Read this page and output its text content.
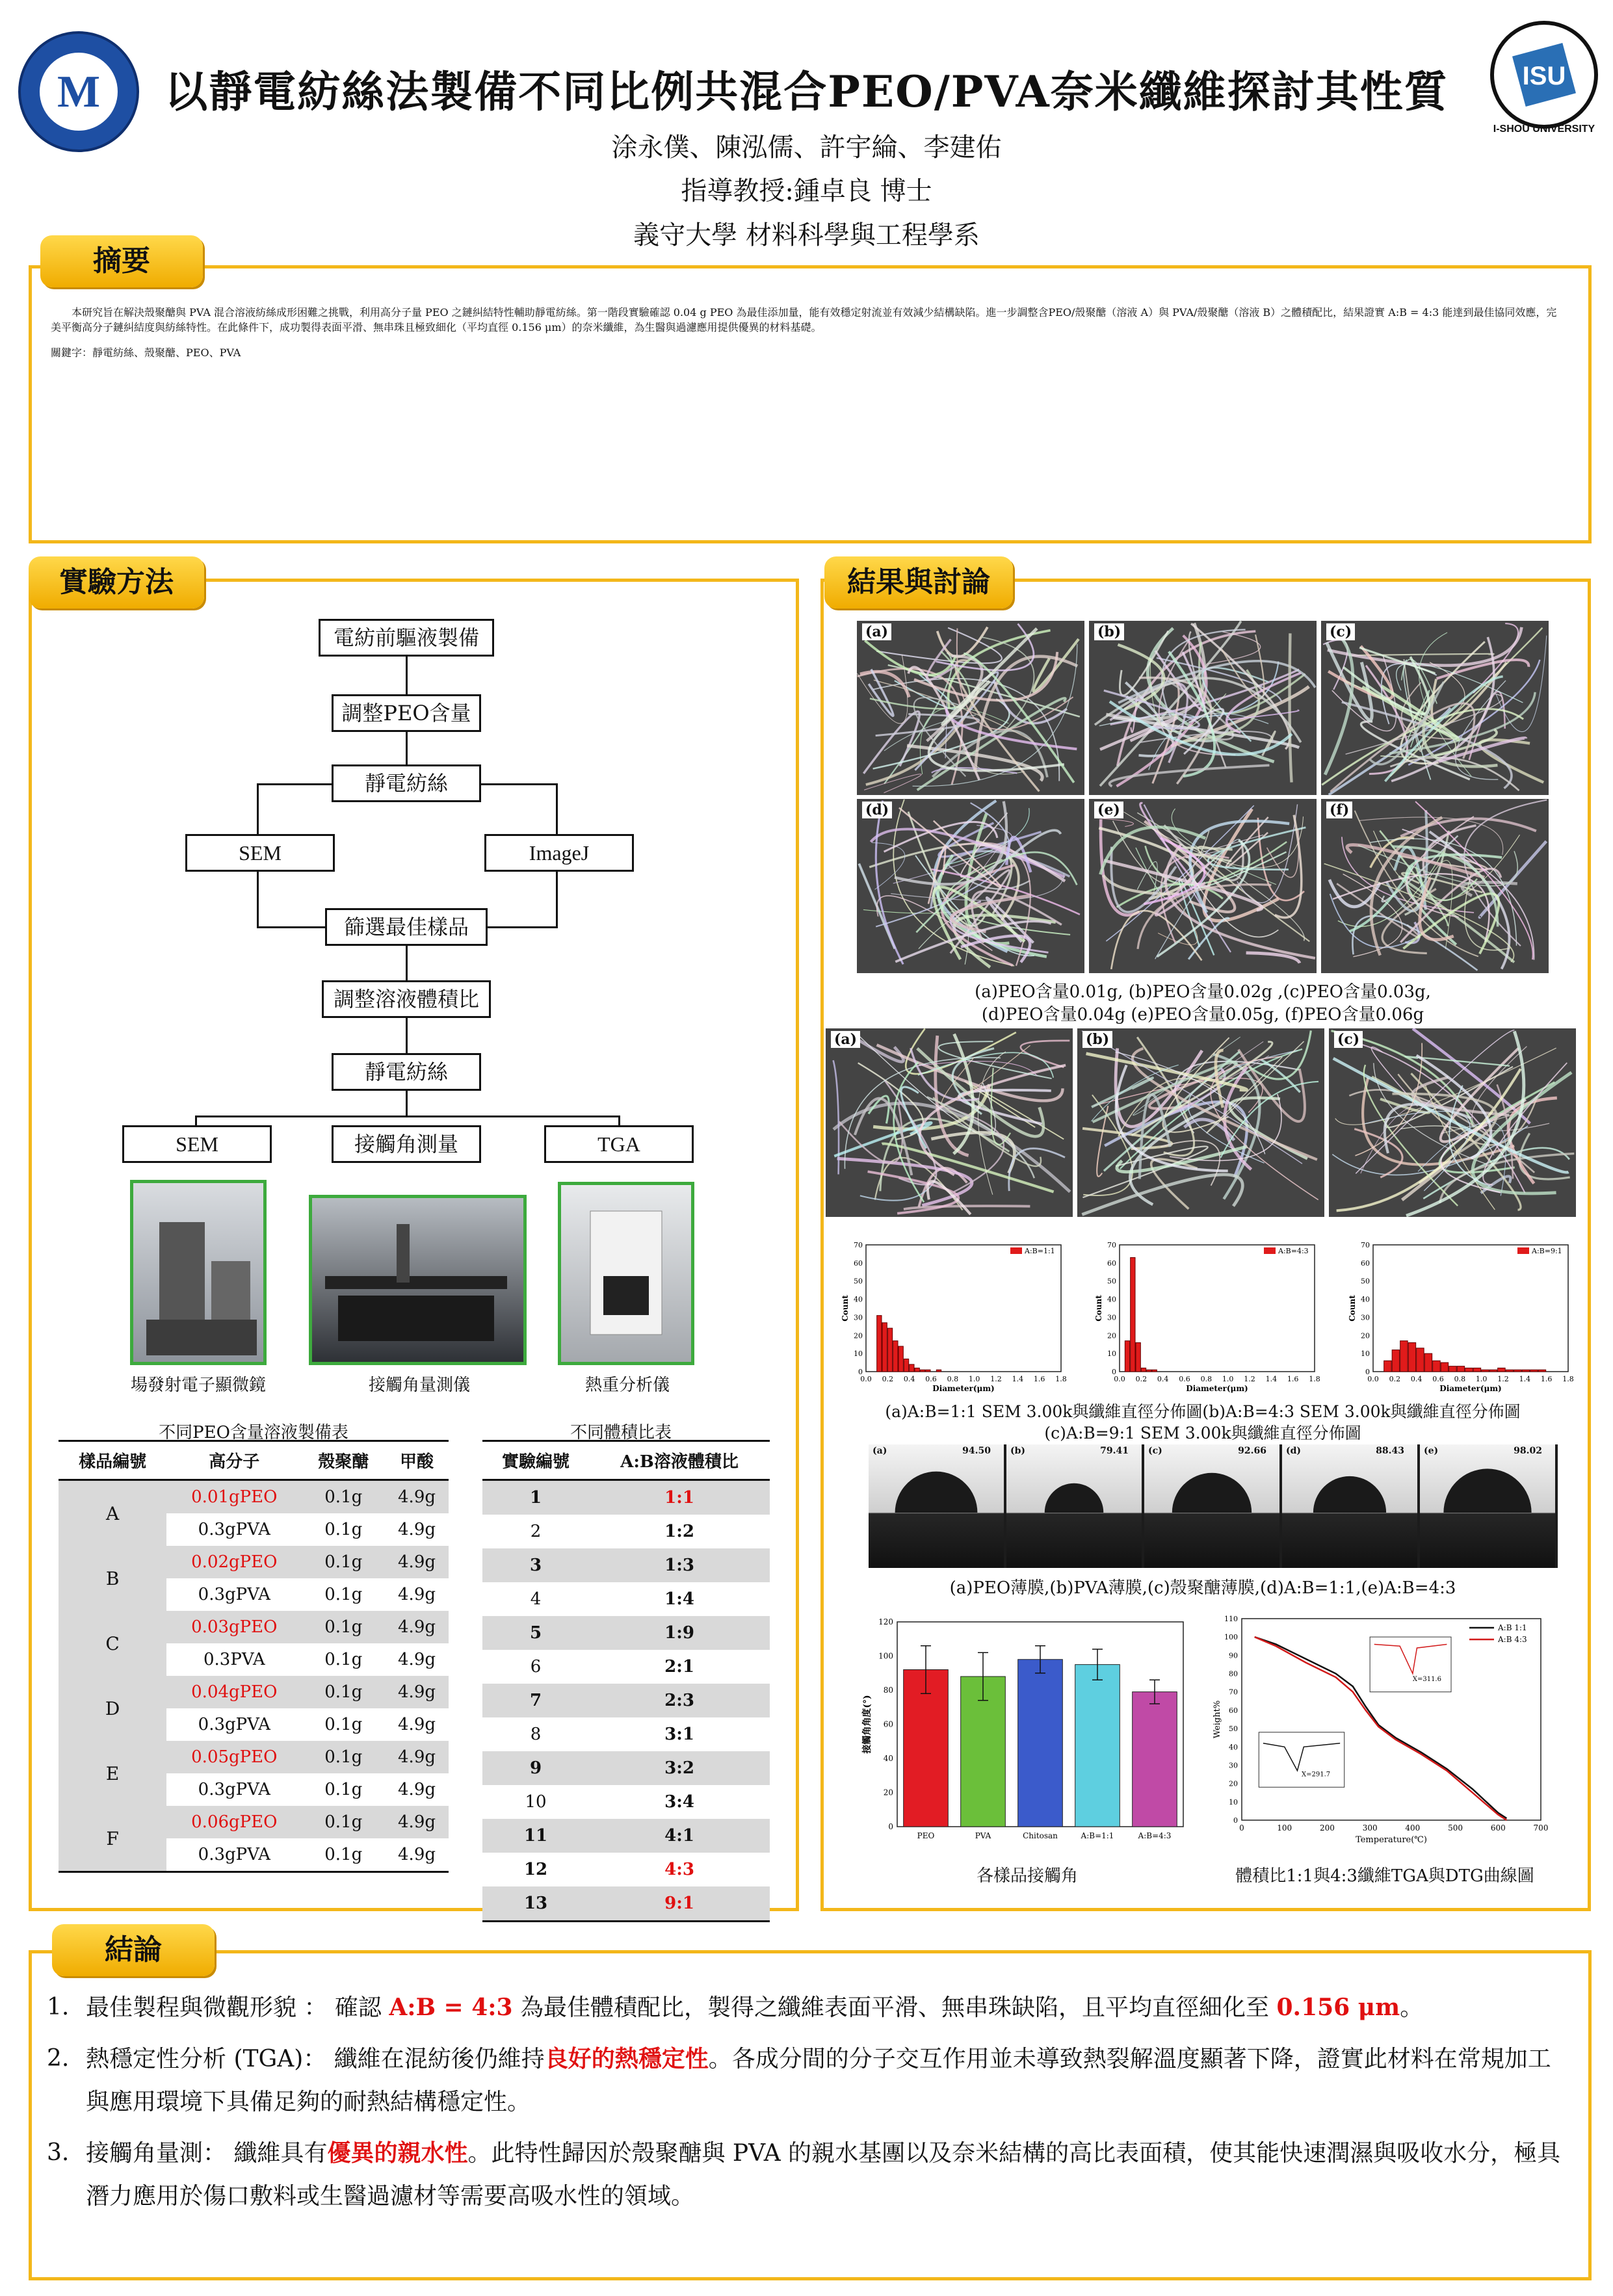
M	ISU
I-SHOU UNIVERSITY
以靜電紡絲法製備不同比例共混合PEO/PVA奈米纖維探討其性質
涂永僕、陳泓儒、許宇綸、李建佑
指導教授:鍾卓良 博士
義守大學 材料科學與工程學系
摘要

本研究旨在解決殼聚醣與 PVA 混合溶液紡絲成形困難之挑戰，利用高分子量 PEO 之鏈糾結特性輔助靜電紡絲。第一階段實驗確認 0.04 g PEO 為最佳添加量，能有效穩定射流並有效減少結構缺陷。進一步調整含PEO/殼聚醣（溶液 A）與 PVA/殼聚醣（溶液 B）之體積配比，結果證實 A:B = 4:3 能達到最佳協同效應，完美平衡高分子鏈糾結度與紡絲特性。在此條件下，成功製得表面平滑、無串珠且極致細化（平均直徑 0.156 μm）的奈米纖維，為生醫與過濾應用提供優異的材料基礎。

關鍵字：靜電紡絲、殼聚醣、PEO、PVA

實驗方法
電紡前驅液製備
調整PEO含量
靜電紡絲
SEM	ImageJ
篩選最佳樣品
調整溶液體積比
靜電紡絲
SEM	接觸角測量	TGA
場發射電子顯微鏡	接觸角量測儀	熱重分析儀
不同PEO含量溶液製備表	不同體積比表
樣品編號	高分子	殼聚醣	甲酸
A	0.01gPEO	0.1g	4.9g
	0.3gPVA	0.1g	4.9g
B	0.02gPEO	0.1g	4.9g
	0.3gPVA	0.1g	4.9g
C	0.03gPEO	0.1g	4.9g
	0.3PVA	0.1g	4.9g
D	0.04gPEO	0.1g	4.9g
	0.3gPVA	0.1g	4.9g
E	0.05gPEO	0.1g	4.9g
	0.3gPVA	0.1g	4.9g
F	0.06gPEO	0.1g	4.9g
	0.3gPVA	0.1g	4.9g
實驗編號	A:B溶液體積比
1	1:1
2	1:2
3	1:3
4	1:4
5	1:9
6	2:1
7	2:3
8	3:1
9	3:2
10	3:4
11	4:1
12	4:3
13	9:1
結果與討論
(a)	(b)	(c)
(d)	(e)	(f)
(a)PEO含量0.01g, (b)PEO含量0.02g ,(c)PEO含量0.03g,
(d)PEO含量0.04g (e)PEO含量0.05g, (f)PEO含量0.06g
(a)	(b)	(c)
0.0 0.2 0.4 0.6 0.8 1.0 1.2 1.4 1.6 1.8
0
10
20
30
40
50
60
70
Diameter(μm)
Count
A:B=1:1
0.0 0.2 0.4 0.6 0.8 1.0 1.2 1.4 1.6 1.8
0
10
20
30
40
50
60
70
Diameter(μm)
Count
A:B=4:3
0.0 0.2 0.4 0.6 0.8 1.0 1.2 1.4 1.6 1.8
0
10
20
30
40
50
60
70
Diameter(μm)
Count
A:B=9:1
(a)A:B=1:1 SEM 3.00k與纖維直徑分佈圖(b)A:B=4:3 SEM 3.00k與纖維直徑分佈圖
(c)A:B=9:1 SEM 3.00k與纖維直徑分佈圖
(a)	94.50 (b)	79.41 (c)	92.66 (d)	88.43 (e)	98.02
(a)PEO薄膜,(b)PVA薄膜,(c)殼聚醣薄膜,(d)A:B=1:1,(e)A:B=4:3
PEO	PVA	Chitosan	A:B=1:1	A:B=4:3
0
20
40
60
80
100
120
接觸角角度(°)
各樣品接觸角
A:B 1:1
A:B 4:3
X=311.6
X=291.7
0	100	200	300	400	500	600	700
0
10
20
30
40
50
60
70
80
90
100
110
Temperature(℃)
Weight%
體積比1:1與4:3纖維TGA與DTG曲線圖
結論
1. 最佳製程與微觀形貌 ： 確認 A:B = 4:3 為最佳體積配比，製得之纖維表面平滑、無串珠缺陷，且平均直徑細化至 0.156 μm。
2. 熱穩定性分析 (TGA)： 纖維在混紡後仍維持良好的熱穩定性。各成分間的分子交互作用並未導致熱裂解溫度顯著下降，證實此材料在常規加工與應用環境下具備足夠的耐熱結構穩定性。
3. 接觸角量測： 纖維具有優異的親水性。此特性歸因於殼聚醣與 PVA 的親水基團以及奈米結構的高比表面積，使其能快速潤濕與吸收水分，極具潛力應用於傷口敷料或生醫過濾材等需要高吸水性的領域。
